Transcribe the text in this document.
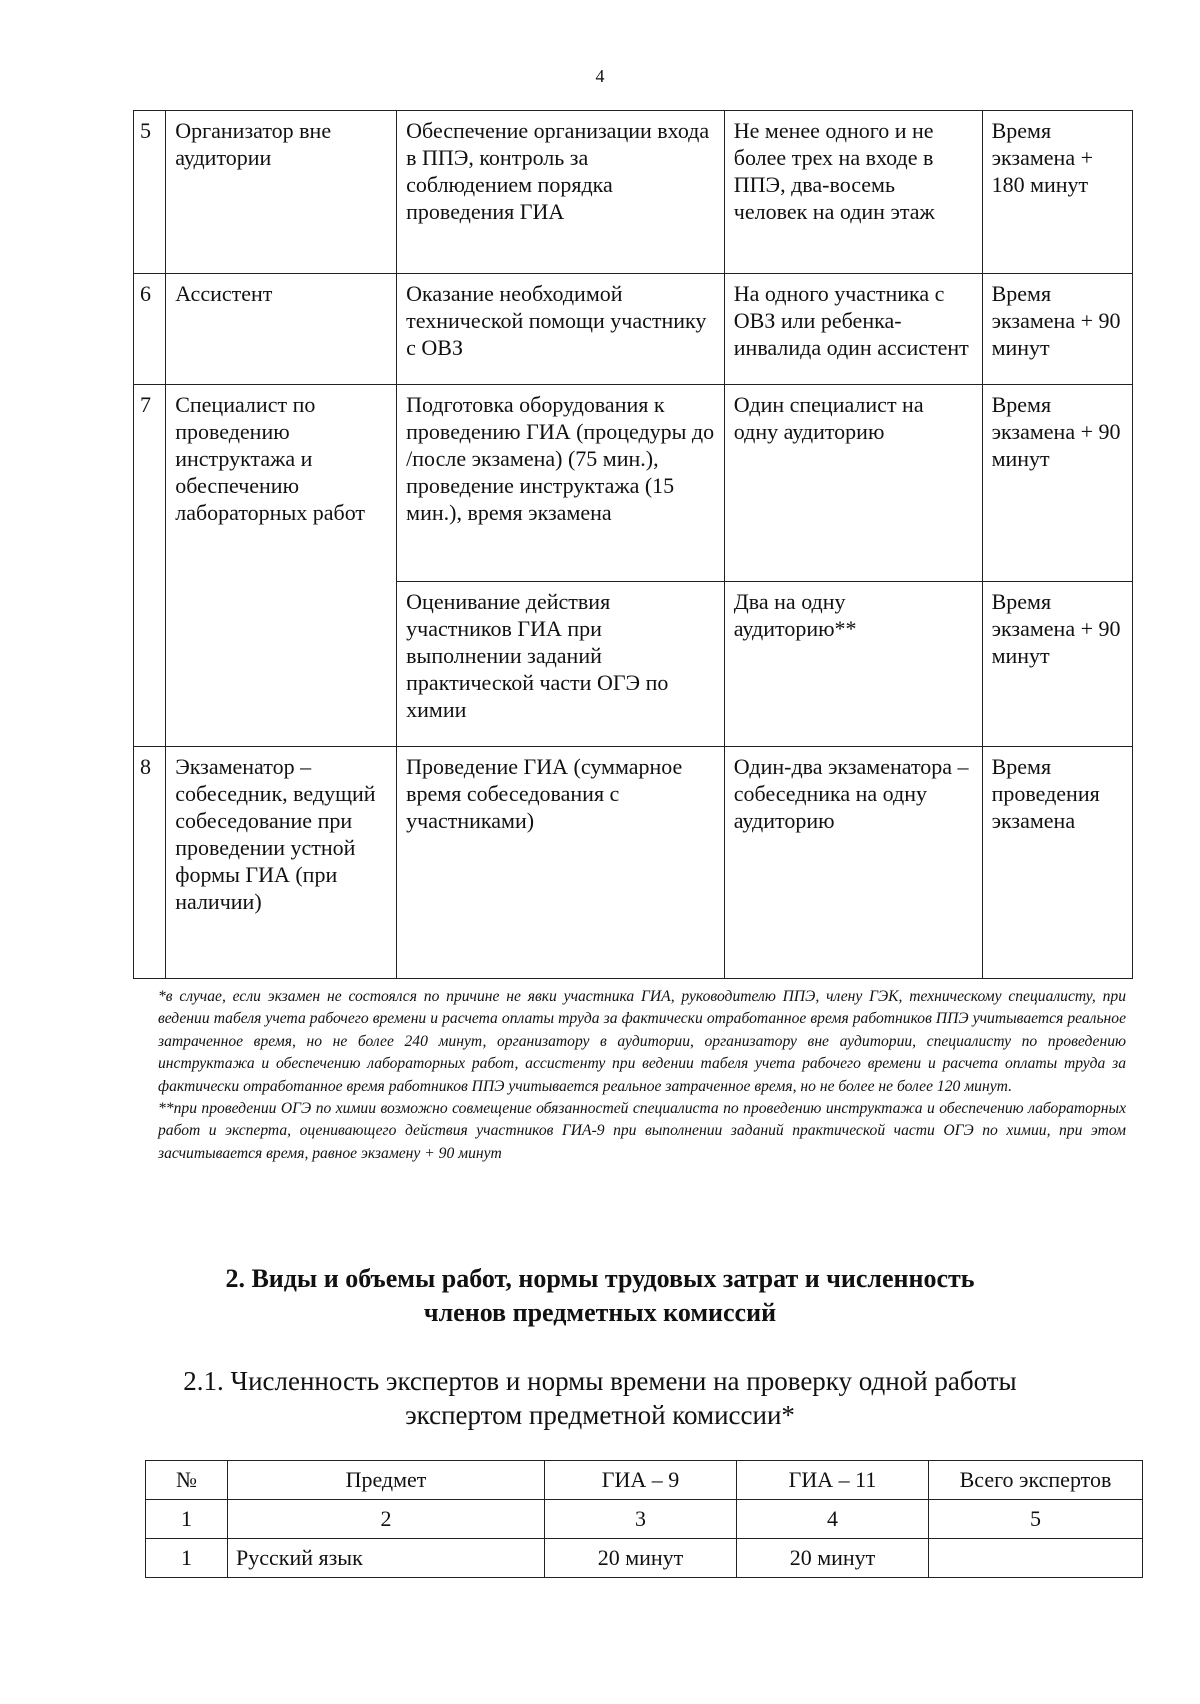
4
5	Организатор вне аудитории	Обеспечение организации входа в ППЭ, контроль за соблюдением порядка проведения ГИА	Не менее одного и не более трех на входе в ППЭ, два-восемь человек на один этаж	Время экзамена + 180 минут
6	Ассистент	Оказание необходимой технической помощи участнику с ОВЗ	На одного участника с ОВЗ или ребенка-инвалида один ассистент	Время экзамена + 90 минут
7	Специалист по проведению инструктажа и обеспечению лабораторных работ	Подготовка оборудования к проведению ГИА (процедуры до /после экзамена) (75 мин.), проведение инструктажа (15 мин.), время экзамена	Один специалист на одну аудиторию	Время экзамена + 90 минут
		Оценивание действия участников ГИА при выполнении заданий практической части ОГЭ по химии	Два на одну аудиторию**	Время экзамена + 90 минут
8	Экзаменатор – собеседник, ведущий собеседование при проведении устной формы ГИА (при наличии)	Проведение ГИА (суммарное время собеседования с участниками)	Один-два экзаменатора – собеседника на одну аудиторию	Время проведения экзамена

*в случае, если экзамен не состоялся по причине не явки участника ГИА, руководителю ППЭ, члену ГЭК, техническому специалисту, при ведении табеля учета рабочего времени и расчета оплаты труда за фактически отработанное время работников ППЭ учитывается реальное затраченное время, но не более 240 минут, организатору в аудитории, организатору вне аудитории, специалисту по проведению инструктажа и обеспечению лабораторных работ, ассистенту при ведении табеля учета рабочего времени и расчета оплаты труда за фактически отработанное время работников ППЭ учитывается реальное затраченное время, но не более не более 120 минут.

**при проведении ОГЭ по химии возможно совмещение обязанностей специалиста по проведению инструктажа и обеспечению лабораторных работ и эксперта, оценивающего действия участников ГИА-9 при выполнении заданий практической части ОГЭ по химии, при этом засчитывается время, равное экзамену + 90 минут

2. Виды и объемы работ, нормы трудовых затрат и численность
членов предметных комиссий
2.1. Численность экспертов и нормы времени на проверку одной работы
экспертом предметной комиссии*
№	Предмет	ГИА – 9	ГИА – 11	Всего экспертов
1	2	3	4	5
1	Русский язык	20 минут	20 минут	
